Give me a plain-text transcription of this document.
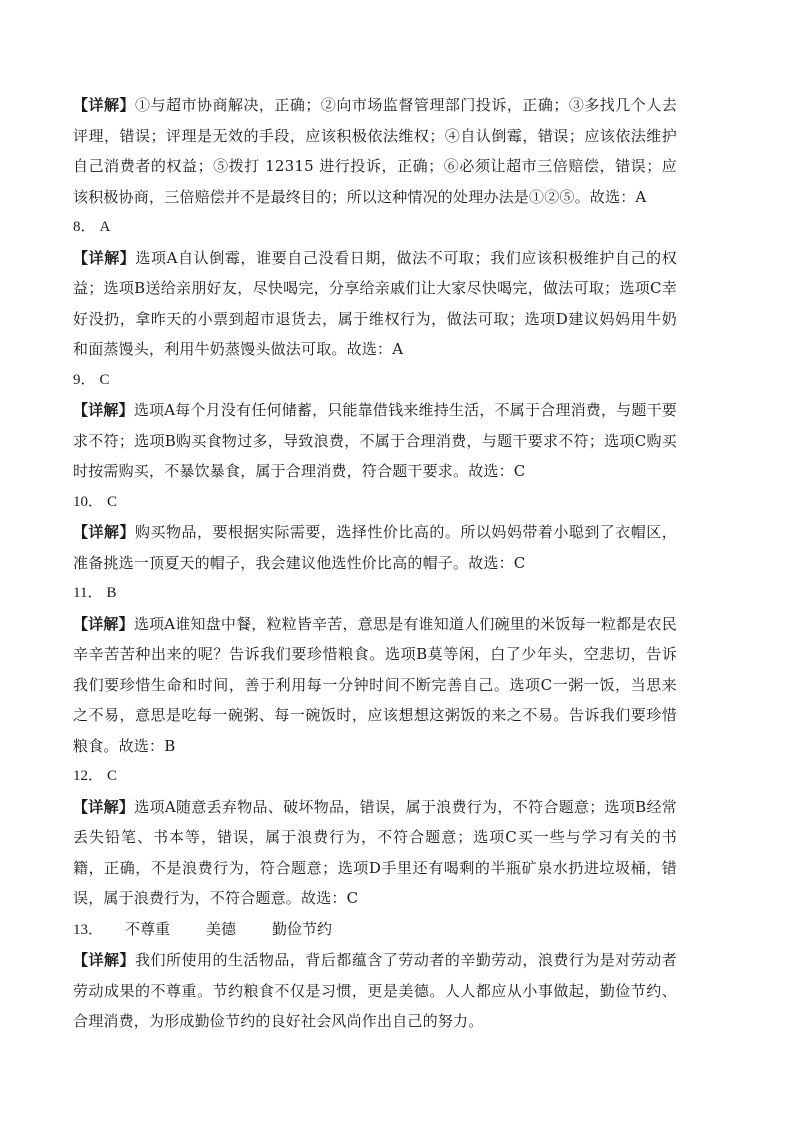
【详解】①与超市协商解决，正确；②向市场监督管理部门投诉，正确；③多找几个人去评理，错误；评理是无效的手段，应该积极依法维权；④自认倒霉，错误；应该依法维护自己消费者的权益；⑤拨打 12315 进行投诉，正确；⑥必须让超市三倍赔偿，错误；应该积极协商，三倍赔偿并不是最终目的；所以这种情况的处理办法是①②⑤。故选：A

8． A

【详解】选项A自认倒霉，谁要自己没看日期，做法不可取；我们应该积极维护自己的权益；选项B送给亲朋好友，尽快喝完，分享给亲戚们让大家尽快喝完，做法可取；选项C幸好没扔，拿昨天的小票到超市退货去，属于维权行为，做法可取；选项D建议妈妈用牛奶和面蒸馒头，利用牛奶蒸馒头做法可取。故选：A

9． C

【详解】选项A每个月没有任何储蓄，只能靠借钱来维持生活，不属于合理消费，与题干要求不符；选项B购买食物过多，导致浪费，不属于合理消费，与题干要求不符；选项C购买时按需购买，不暴饮暴食，属于合理消费，符合题干要求。故选：C

10． C

【详解】购买物品，要根据实际需要，选择性价比高的。所以妈妈带着小聪到了衣帽区，准备挑选一顶夏天的帽子，我会建议他选性价比高的帽子。故选：C

11． B

【详解】选项A谁知盘中餐，粒粒皆辛苦，意思是有谁知道人们碗里的米饭每一粒都是农民辛辛苦苦种出来的呢？告诉我们要珍惜粮食。选项B莫等闲，白了少年头，空悲切，告诉我们要珍惜生命和时间，善于利用每一分钟时间不断完善自己。选项C一粥一饭，当思来之不易，意思是吃每一碗粥、每一碗饭时，应该想想这粥饭的来之不易。告诉我们要珍惜粮食。故选：B

12． C

【详解】选项A随意丢弃物品、破坏物品，错误，属于浪费行为，不符合题意；选项B经常丢失铅笔、书本等，错误，属于浪费行为，不符合题意；选项C买一些与学习有关的书籍，正确，不是浪费行为，符合题意；选项D手里还有喝剩的半瓶矿泉水扔进垃圾桶，错误，属于浪费行为，不符合题意。故选：C

13． 不尊重 美德 勤俭节约

【详解】我们所使用的生活物品，背后都蕴含了劳动者的辛勤劳动，浪费行为是对劳动者劳动成果的不尊重。节约粮食不仅是习惯，更是美德。人人都应从小事做起，勤俭节约、合理消费，为形成勤俭节约的良好社会风尚作出自己的努力。
